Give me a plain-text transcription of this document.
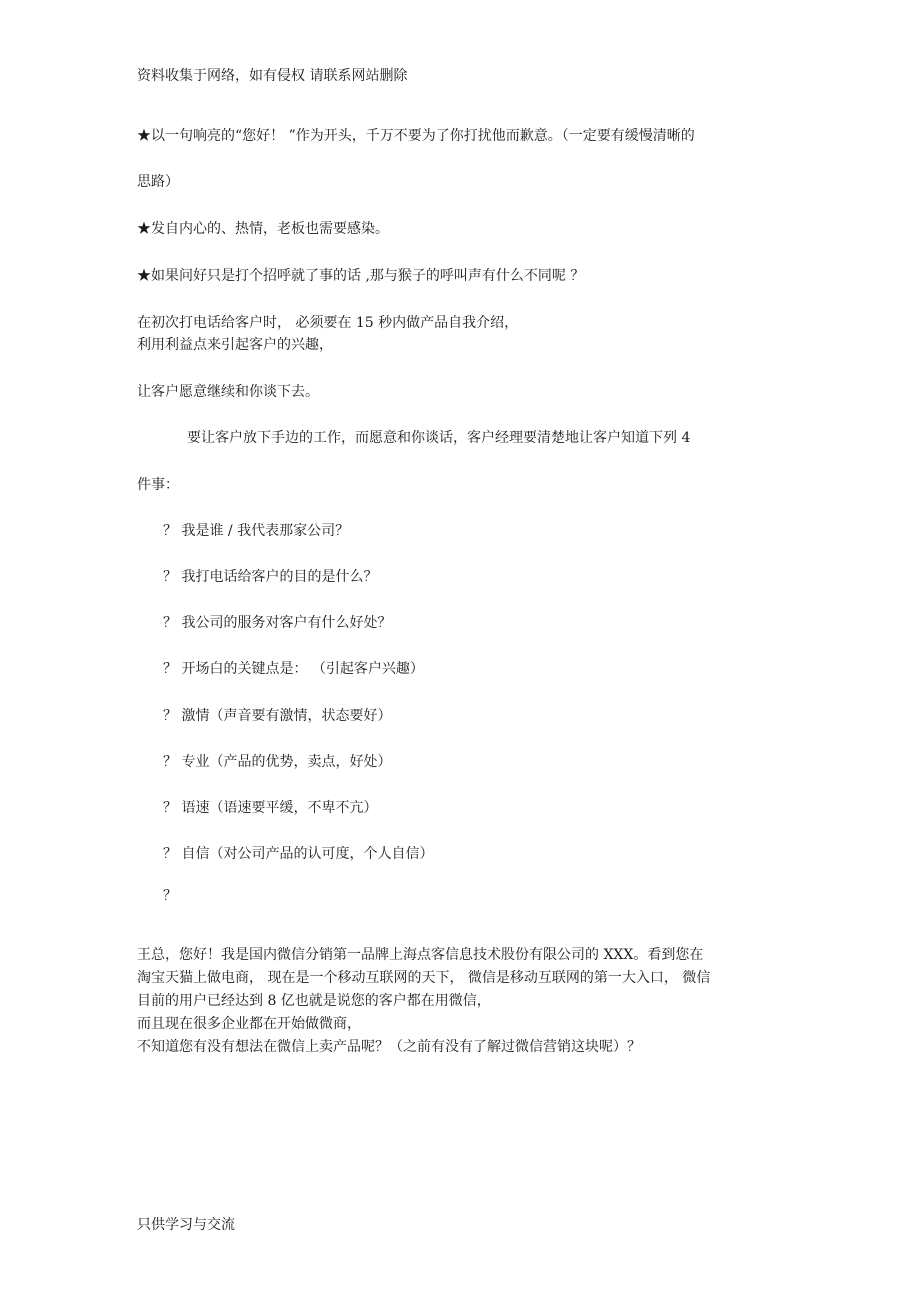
资料收集于网络，如有侵权 请联系网站删除
★以一句响亮的“您好！ ”作为开头，千万不要为了你打扰他而歉意。（一定要有缓慢清晰的
思路）
★发自内心的、热情，老板也需要感染。
★如果问好只是打个招呼就了事的话 ,那与猴子的呼叫声有什么不同呢 ？
在初次打电话给客户时， 必须要在 15 秒内做产品自我介绍，
利用利益点来引起客户的兴趣，
让客户愿意继续和你谈下去。
要让客户放下手边的工作，而愿意和你谈话，客户经理要清楚地让客户知道下列 4
件事：
？ 我是谁 / 我代表那家公司？
？ 我打电话给客户的目的是什么？
？ 我公司的服务对客户有什么好处？
？ 开场白的关键点是： （引起客户兴趣）
？ 激情（声音要有激情，状态要好）
？ 专业（产品的优势，卖点，好处）
？ 语速（语速要平缓，不卑不亢）
？ 自信（对公司产品的认可度，个人自信）
？
王总，您好！我是国内微信分销第一品牌上海点客信息技术股份有限公司的 XXX。看到您在
淘宝天猫上做电商， 现在是一个移动互联网的天下， 微信是移动互联网的第一大入口， 微信
目前的用户已经达到 8 亿也就是说您的客户都在用微信，
而且现在很多企业都在开始做微商，
不知道您有没有想法在微信上卖产品呢？（之前有没有了解过微信营销这块呢）？
只供学习与交流
